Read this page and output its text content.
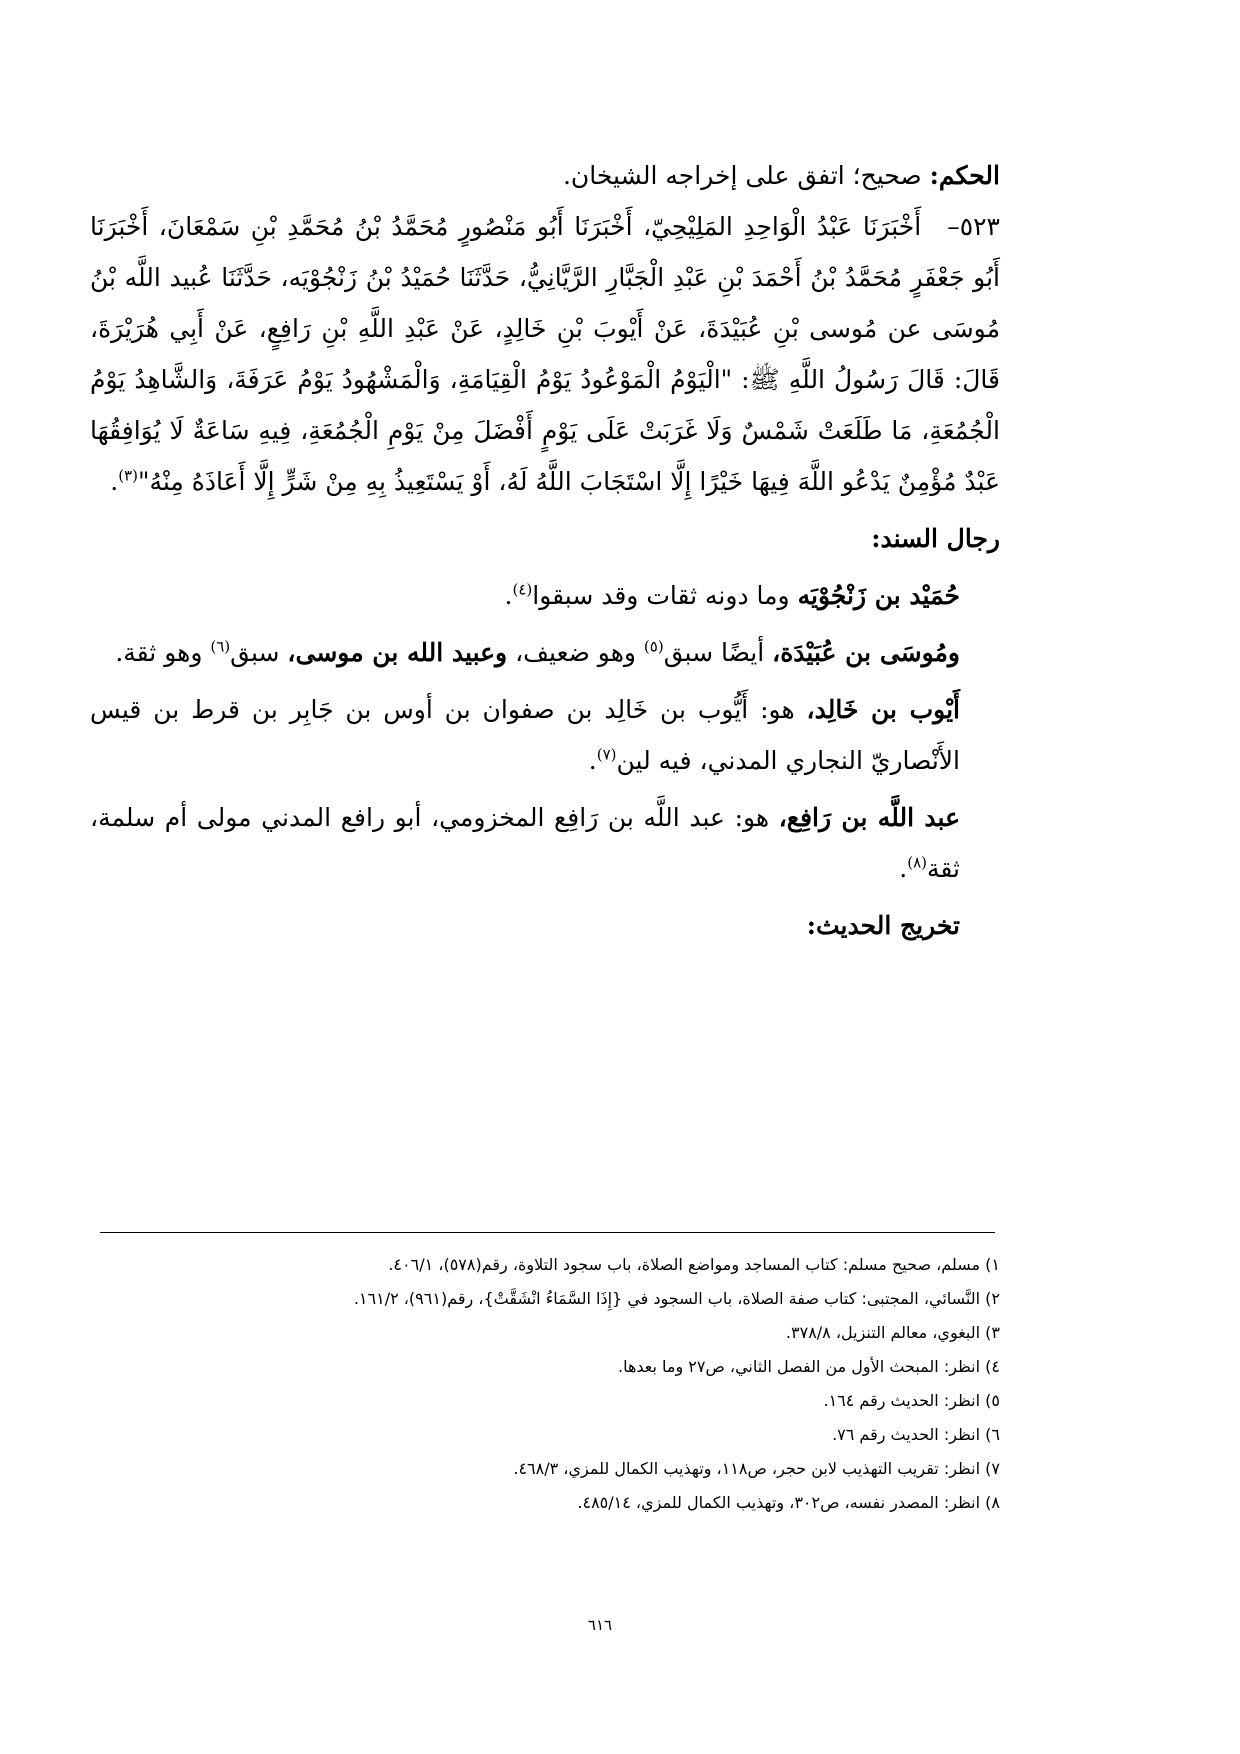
الحكم: صحيح؛ اتفق على إخراجه الشيخان.

٥٢٣–أَخْبَرَنَا عَبْدُ الْوَاحِدِ المَلِيْحِيّ، أَخْبَرَنَا أَبُو مَنْصُورٍ مُحَمَّدُ بْنُ مُحَمَّدِ بْنِ سَمْعَانَ، أَخْبَرَنَا أَبُو جَعْفَرٍ مُحَمَّدُ بْنُ أَحْمَدَ بْنِ عَبْدِ الْجَبَّارِ الرَّيَّانِيُّ، حَدَّثَنَا حُمَيْدُ بْنُ زَنْجُوْيَه، حَدَّثَنَا عُبيد اللَّه بْنُ مُوسَى عن مُوسى بْنِ عُبَيْدَةَ، عَنْ أَيْوبَ بْنِ خَالِدٍ، عَنْ عَبْدِ اللَّهِ بْنِ رَافِعٍ، عَنْ أَبِي هُرَيْرَةَ، قَالَ: قَالَ رَسُولُ اللَّهِ ﷺ: "الْيَوْمُ الْمَوْعُودُ يَوْمُ الْقِيَامَةِ، وَالْمَشْهُودُ يَوْمُ عَرَفَةَ، وَالشَّاهِدُ يَوْمُ الْجُمُعَةِ، مَا طَلَعَتْ شَمْسٌ وَلَا غَرَبَتْ عَلَى يَوْمٍ أَفْضَلَ مِنْ يَوْمِ الْجُمُعَةِ، فِيهِ سَاعَةٌ لَا يُوَافِقُهَا عَبْدٌ مُؤْمِنٌ يَدْعُو اللَّهَ فِيهَا خَيْرًا إِلَّا اسْتَجَابَ اللَّهُ لَهُ، أَوْ يَسْتَعِيذُ بِهِ مِنْ شَرٍّ إِلَّا أَعَاذَهُ مِنْهُ"$^{(٣)}$.

رجال السند:

حُمَيْد بن زَنْجُوْيَه وما دونه ثقات وقد سبقوا$^{(٤)}$.

ومُوسَى بن عُبَيْدَة، أيضًا سبق$^{(٥)}$ وهو ضعيف، وعبيد الله بن موسى، سبق$^{(٦)}$ وهو ثقة.

أَيْوب بن خَالِد، هو: أَيُّوب بن خَالِد بن صفوان بن أوس بن جَابِر بن قرط بن قيس الأَنْصاريّ النجاري المدني، فيه لين$^{(٧)}$.

عبد اللَّه بن رَافِع، هو: عبد اللَّه بن رَافِع المخزومي، أبو رافع المدني مولى أم سلمة، ثقة$^{(٨)}$.

تخريج الحديث:

١) مسلم، صحيح مسلم: كتاب المساجد ومواضع الصلاة، باب سجود التلاوة، رقم(٥٧٨)، ٤٠٦/١.
٢) النَّسائي، المجتبى: كتاب صفة الصلاة، باب السجود في {إِذَا السَّمَاءُ انْشَقَّتْ}، رقم(٩٦١)، ١٦١/٢.
٣) البغوي، معالم التنزيل، ٣٧٨/٨.
٤) انظر: المبحث الأول من الفصل الثاني، ص٢٧ وما بعدها.
٥) انظر: الحديث رقم ١٦٤.
٦) انظر: الحديث رقم ٧٦.
٧) انظر: تقريب التهذيب لابن حجر، ص١١٨، وتهذيب الكمال للمزي، ٤٦٨/٣.
٨) انظر: المصدر نفسه، ص٣٠٢، وتهذيب الكمال للمزي، ٤٨٥/١٤.
٦١٦
